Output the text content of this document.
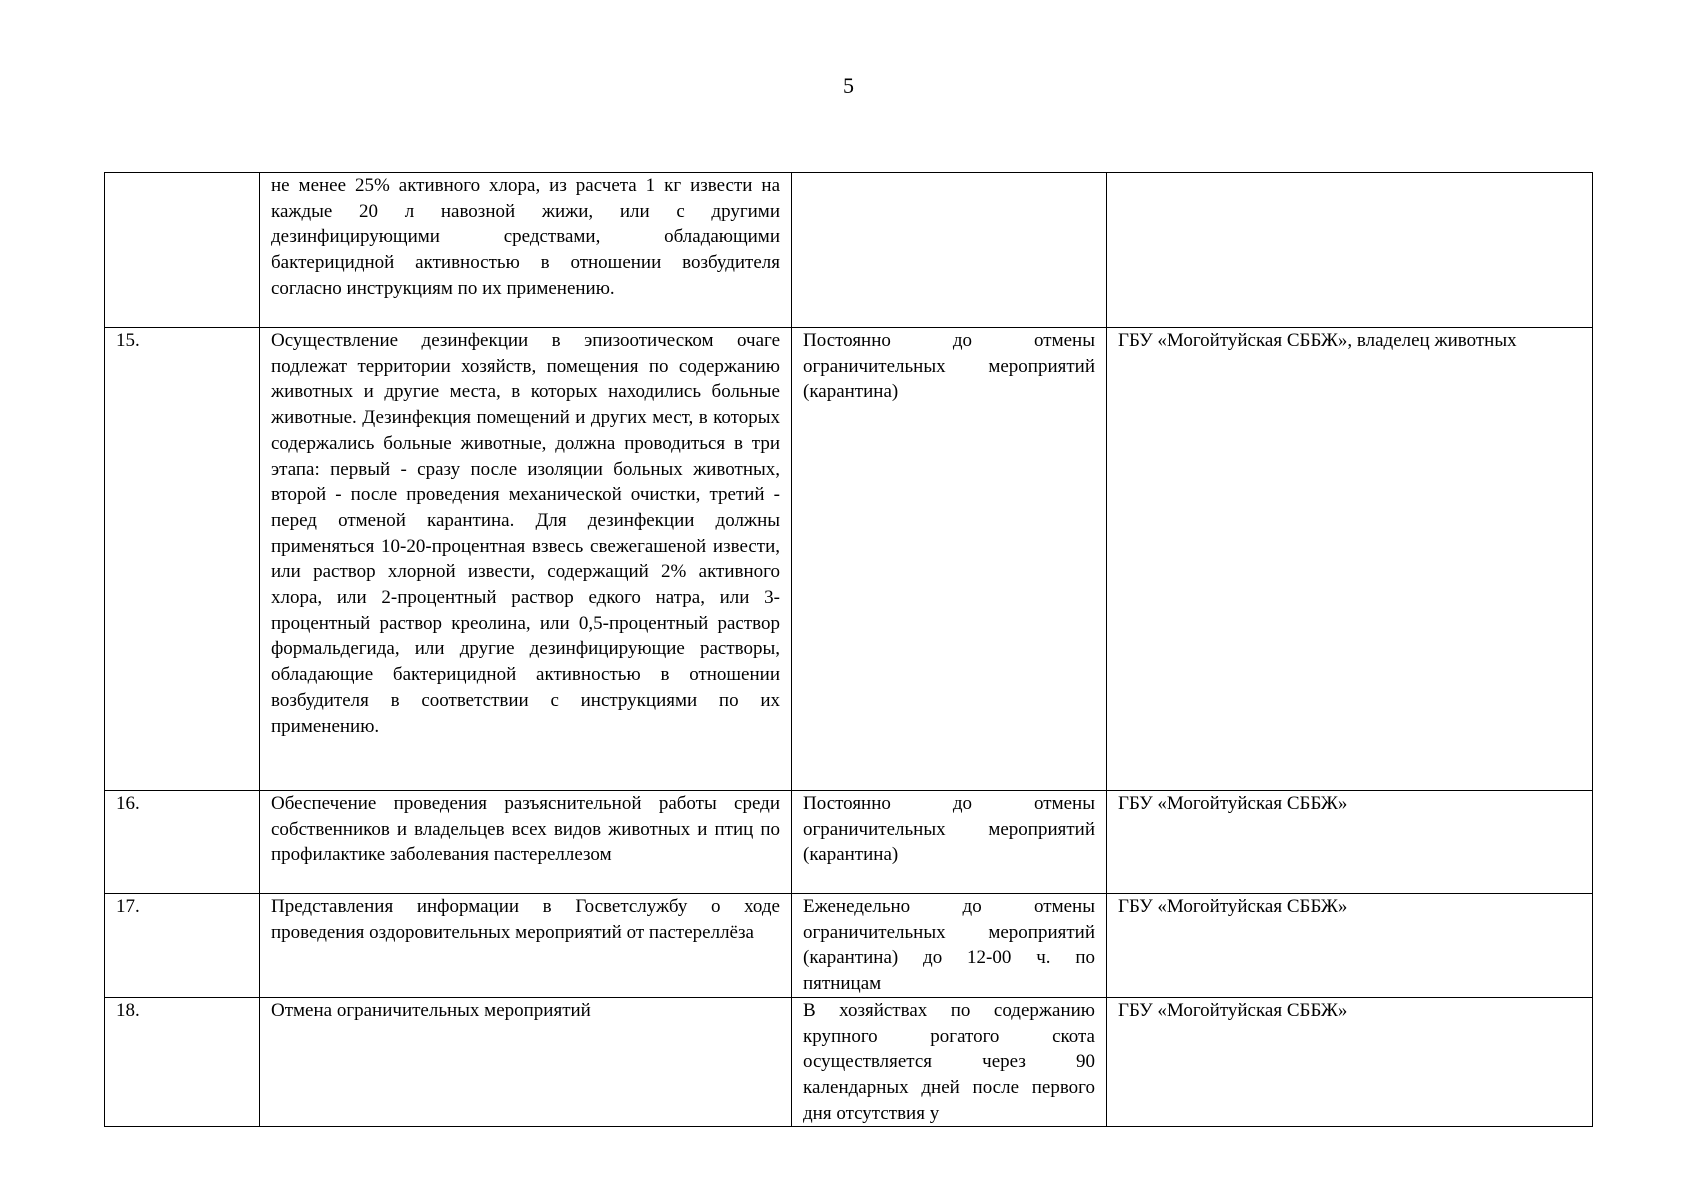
5
	не менее 25% активного хлора, из расчета 1 кг извести на каждые 20 л навозной жижи, или с другими дезинфицирующими средствами, обладающими бактерицидной активностью в отношении возбудителя согласно инструкциям по их применению.		
15.	Осуществление дезинфекции в эпизоотическом очаге подлежат территории хозяйств, помещения по содержанию животных и другие места, в которых находились больные животные. Дезинфекция помещений и других мест, в которых содержались больные животные, должна проводиться в три этапа: первый - сразу после изоляции больных животных, второй - после проведения механической очистки, третий - перед отменой карантина. Для дезинфекции должны применяться 10-20-процентная взвесь свежегашеной извести, или раствор хлорной извести, содержащий 2% активного хлора, или 2-процентный раствор едкого натра, или 3-процентный раствор креолина, или 0,5-процентный раствор формальдегида, или другие дезинфицирующие растворы, обладающие бактерицидной активностью в отношении возбудителя в соответствии с инструкциями по их применению.	Постоянно до отмены ограничительных мероприятий (карантина)	ГБУ «Могойтуйская СББЖ», владелец животных
16.	Обеспечение проведения разъяснительной работы среди собственников и владельцев всех видов животных и птиц по профилактике заболевания пастереллезом	Постоянно до отмены ограничительных мероприятий (карантина)	ГБУ «Могойтуйская СББЖ»
17.	Представления информации в Госветслужбу о ходе проведения оздоровительных мероприятий от пастереллёза	Еженедельно до отмены ограничительных мероприятий (карантина) до 12-00 ч. по пятницам	ГБУ «Могойтуйская СББЖ»
18.	Отмена ограничительных мероприятий	В хозяйствах по содержанию крупного рогатого скота осуществляется через 90 календарных дней после первого дня отсутствия у	ГБУ «Могойтуйская СББЖ»
